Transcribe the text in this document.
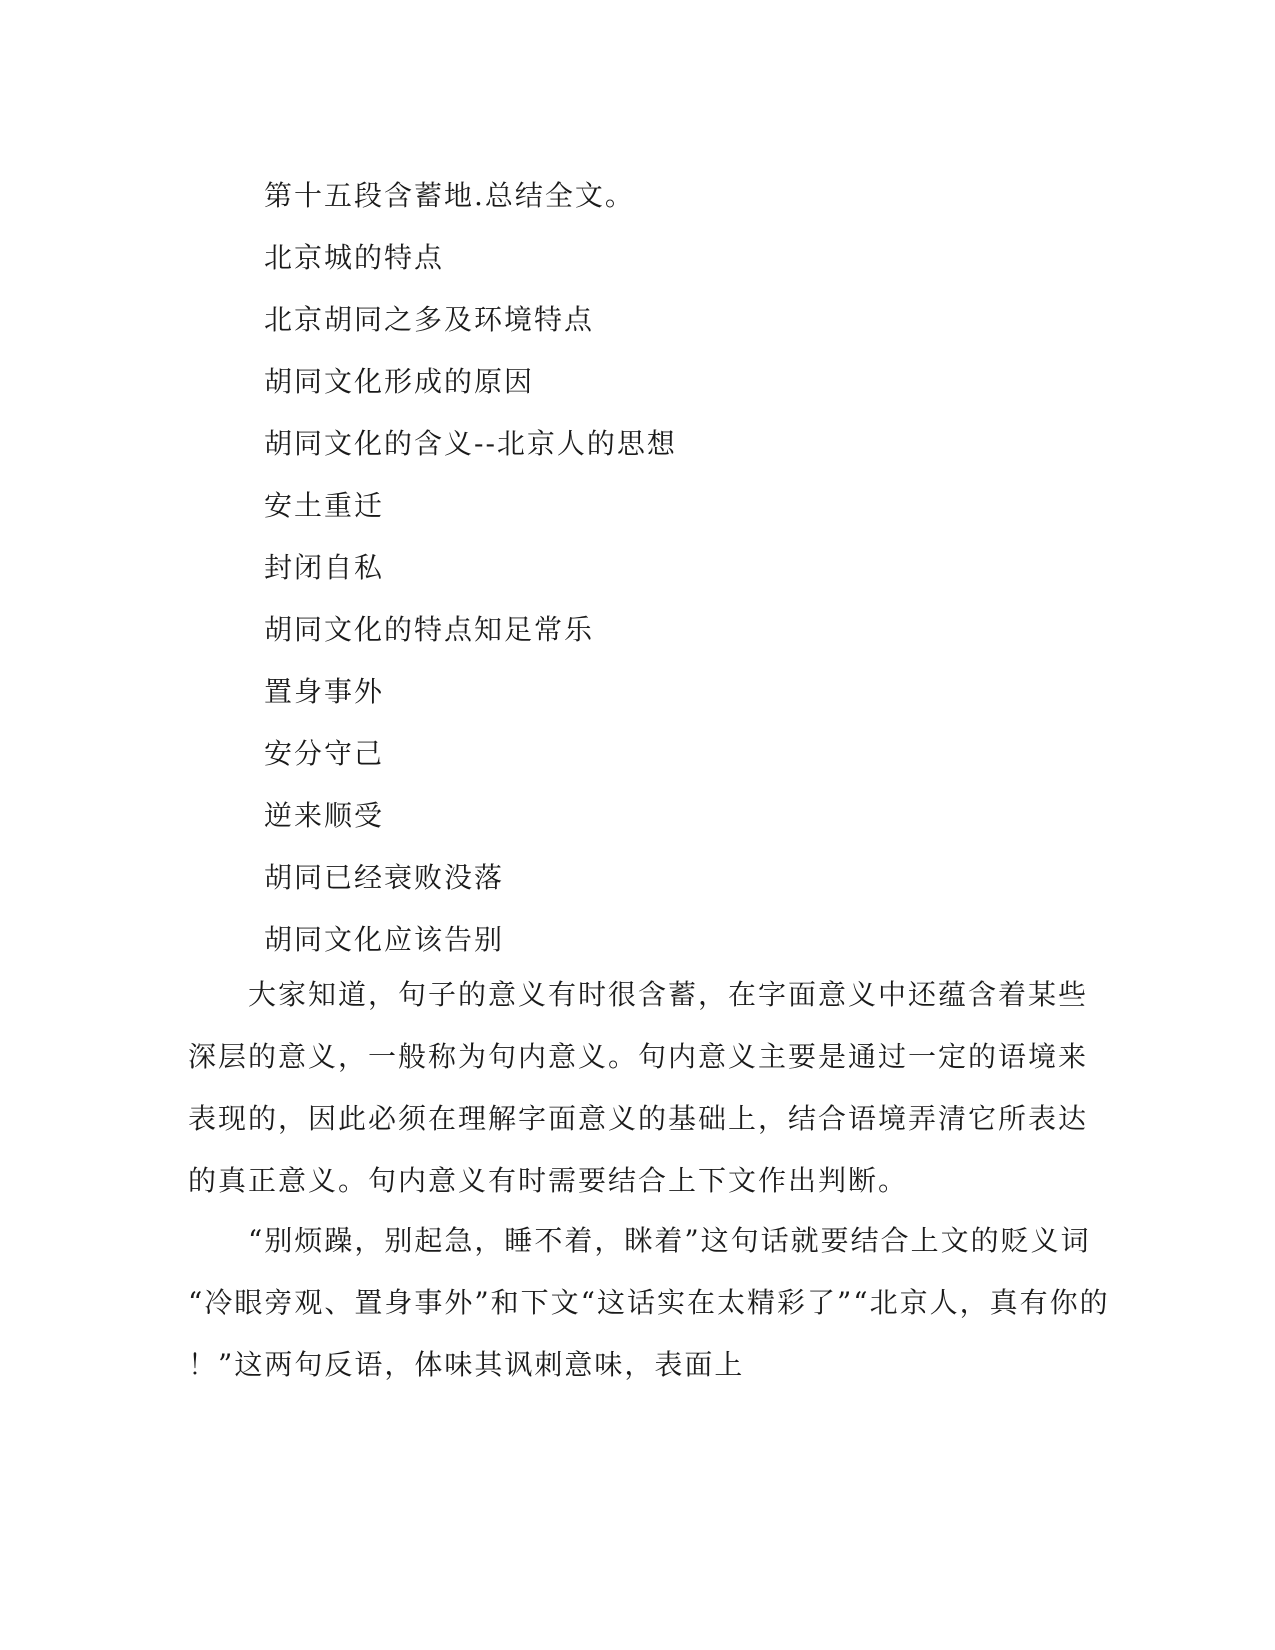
第十五段含蓄地.总结全文。
北京城的特点
北京胡同之多及环境特点
胡同文化形成的原因
胡同文化的含义--北京人的思想
安土重迁
封闭自私
胡同文化的特点知足常乐
置身事外
安分守己
逆来顺受
胡同已经衰败没落
胡同文化应该告别

　　大家知道，句子的意义有时很含蓄，在字面意义中还蕴含着某些

深层的意义，一般称为句内意义。句内意义主要是通过一定的语境来

表现的，因此必须在理解字面意义的基础上，结合语境弄清它所表达

的真正意义。句内意义有时需要结合上下文作出判断。

　　“别烦躁，别起急，睡不着，眯着”这句话就要结合上文的贬义词

“冷眼旁观、置身事外”和下文“这话实在太精彩了”“北京人，真有你的

！”这两句反语，体味其讽刺意味，表面上
